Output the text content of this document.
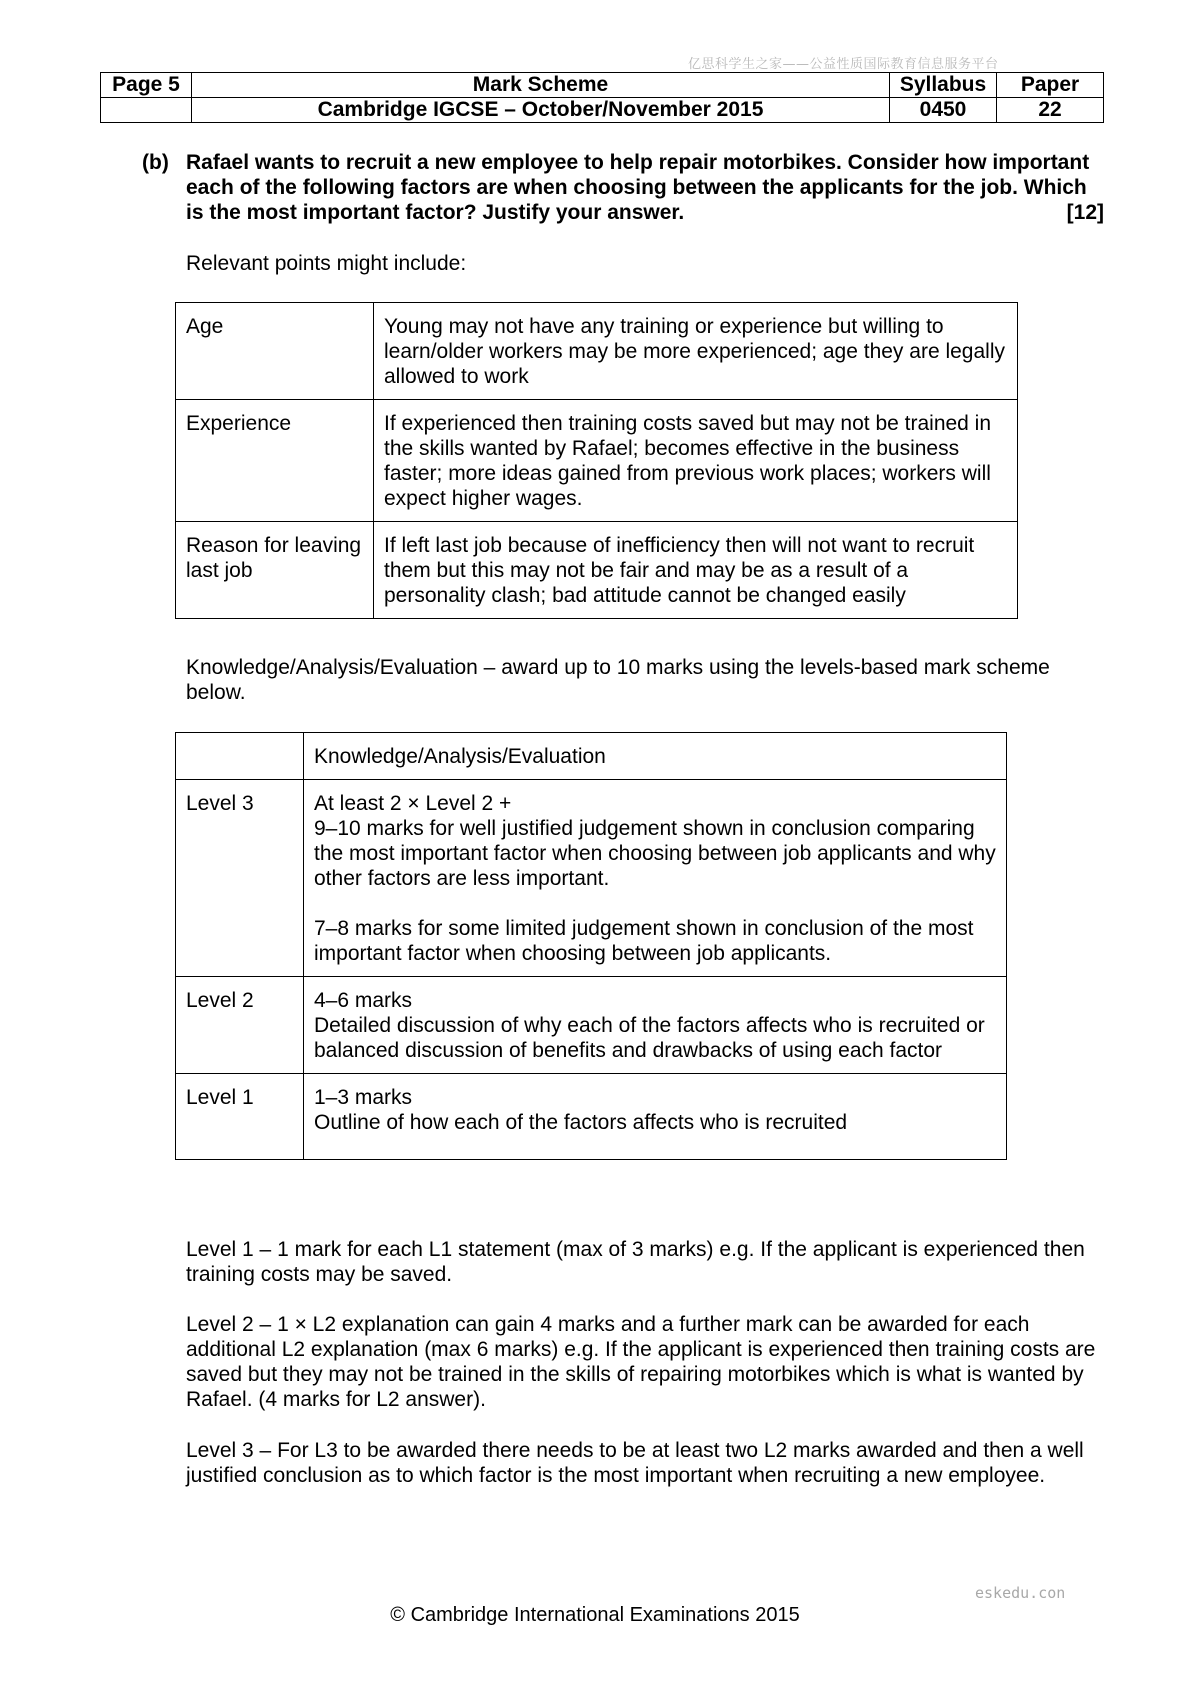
亿思科学生之家——公益性质国际教育信息服务平台
Page 5	Mark Scheme	Syllabus	Paper
	Cambridge IGCSE – October/November 2015	0450	22
(b) Rafael wants to recruit a new employee to help repair motorbikes. Consider how important each of the following factors are when choosing between the applicants for the job. Which is the most important factor? Justify your answer.	[12]
Relevant points might include:
Age	Young may not have any training or experience but willing to learn/older workers may be more experienced; age they are legally allowed to work
Experience	If experienced then training costs saved but may not be trained in the skills wanted by Rafael; becomes effective in the business faster; more ideas gained from previous work places; workers will expect higher wages.
Reason for leaving last job	If left last job because of inefficiency then will not want to recruit them but this may not be fair and may be as a result of a personality clash; bad attitude cannot be changed easily
Knowledge/Analysis/Evaluation – award up to 10 marks using the levels-based mark scheme below.
	Knowledge/Analysis/Evaluation
Level 3	At least 2 × Level 2 +

9–10 marks for well justified judgement shown in conclusion comparing the most important factor when choosing between job applicants and why other factors are less important.

7–8 marks for some limited judgement shown in conclusion of the most important factor when choosing between job applicants.

Level 2	4–6 marks

Detailed discussion of why each of the factors affects who is recruited or balanced discussion of benefits and drawbacks of using each factor

Level 1	1–3 marks

Outline of how each of the factors affects who is recruited

Level 1 – 1 mark for each L1 statement (max of 3 marks) e.g. If the applicant is experienced then training costs may be saved.
Level 2 – 1 × L2 explanation can gain 4 marks and a further mark can be awarded for each additional L2 explanation (max 6 marks) e.g. If the applicant is experienced then training costs are saved but they may not be trained in the skills of repairing motorbikes which is what is wanted by Rafael. (4 marks for L2 answer).
Level 3 – For L3 to be awarded there needs to be at least two L2 marks awarded and then a well justified conclusion as to which factor is the most important when recruiting a new employee.
eskedu.con
© Cambridge International Examinations 2015
